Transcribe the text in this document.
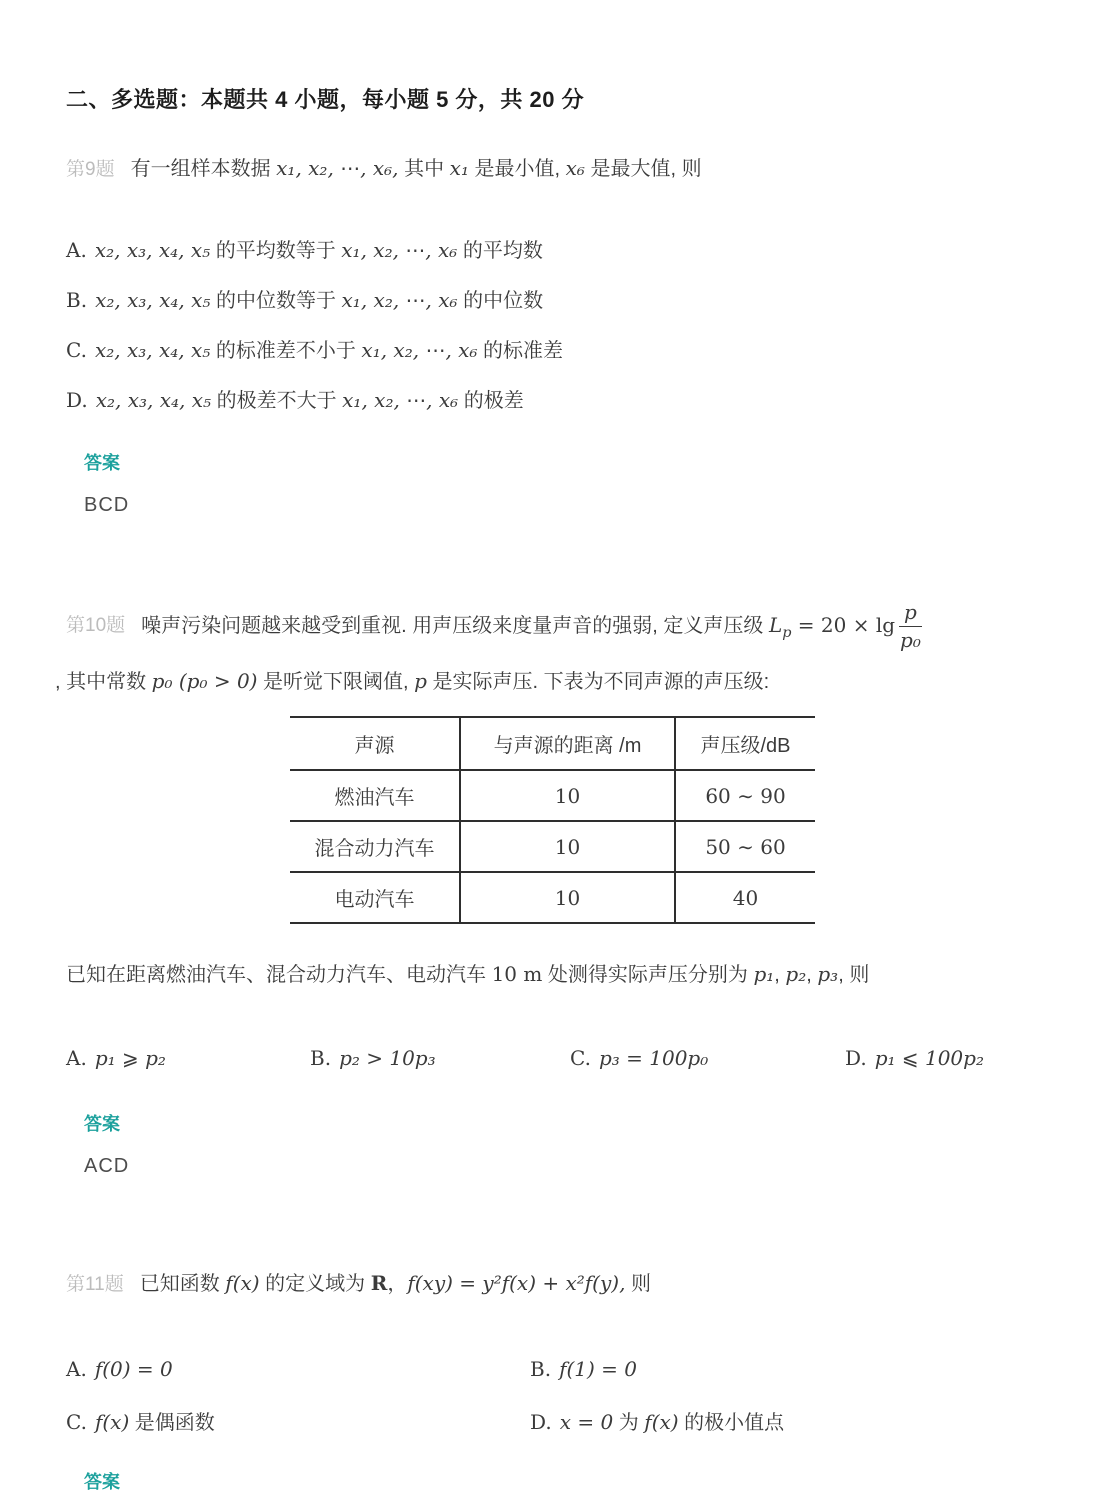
二、多选题：本题共 4 小题，每小题 5 分，共 20 分
第9题 有一组样本数据 x₁, x₂, ⋯, x₆, 其中 x₁ 是最小值, x₆ 是最大值, 则
A. x₂, x₃, x₄, x₅ 的平均数等于 x₁, x₂, ⋯, x₆ 的平均数
B. x₂, x₃, x₄, x₅ 的中位数等于 x₁, x₂, ⋯, x₆ 的中位数
C. x₂, x₃, x₄, x₅ 的标准差不小于 x₁, x₂, ⋯, x₆ 的标准差
D. x₂, x₃, x₄, x₅ 的极差不大于 x₁, x₂, ⋯, x₆ 的极差
答案
BCD
第10题 噪声污染问题越来越受到重视. 用声压级来度量声音的强弱, 定义声压级 $L_p = 20 \times \lg \frac{p}{\text{p₀}}$
, 其中常数 p₀ (p₀ > 0) 是听觉下限阈值, p 是实际声压. 下表为不同声源的声压级:
声源	与声源的距离 /m	声压级/dB
燃油汽车	10	60 ∼ 90
混合动力汽车	10	50 ∼ 60
电动汽车	10	40
已知在距离燃油汽车、混合动力汽车、电动汽车 10 m 处测得实际声压分别为 p₁, p₂, p₃, 则
A. p₁ ⩾ p₂	B. p₂ > 10p₃	C. p₃ = 100p₀	D. p₁ ⩽ 100p₂
答案
ACD
第11题 已知函数 f(x) 的定义域为 R，f(xy) = y²f(x) + x²f(y), 则
A. f(0) = 0	B. f(1) = 0
C. f(x) 是偶函数	D. x = 0 为 f(x) 的极小值点
答案
